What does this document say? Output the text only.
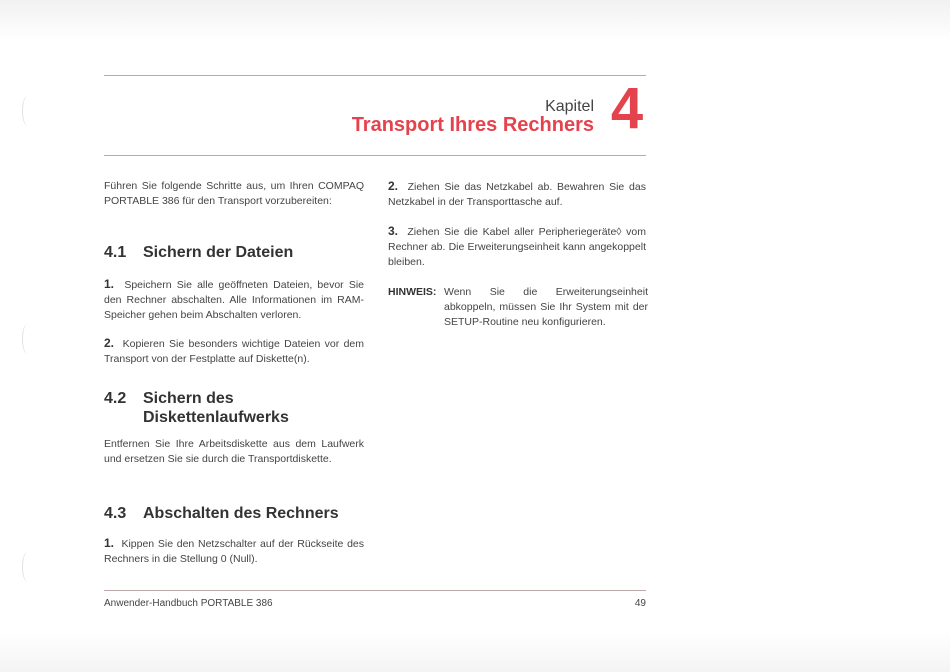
Kapitel
Transport Ihres Rechners 4

Führen Sie folgende Schritte aus, um Ihren COMPAQ PORTABLE 386 für den Transport vorzubereiten:

4.1 Sichern der Dateien

1. Speichern Sie alle geöffneten Dateien, bevor Sie den Rechner abschalten. Alle Informationen im RAM-Speicher gehen beim Abschalten verloren.

2. Kopieren Sie besonders wichtige Dateien vor dem Transport von der Festplatte auf Diskette(n).

4.2 Sichern des Diskettenlaufwerks

Entfernen Sie Ihre Arbeitsdiskette aus dem Laufwerk und ersetzen Sie sie durch die Transportdiskette.

4.3 Abschalten des Rechners

1. Kippen Sie den Netzschalter auf der Rückseite des Rechners in die Stellung 0 (Null).

2. Ziehen Sie das Netzkabel ab. Bewahren Sie das Netzkabel in der Transporttasche auf.

3. Ziehen Sie die Kabel aller Peripheriegeräte◊ vom Rechner ab. Die Erweiterungseinheit kann angekoppelt bleiben.

HINWEIS: Wenn Sie die Erweiterungseinheit abkoppeln, müssen Sie Ihr System mit der SETUP-Routine neu konfigurieren.

Anwender-Handbuch PORTABLE 386	49
